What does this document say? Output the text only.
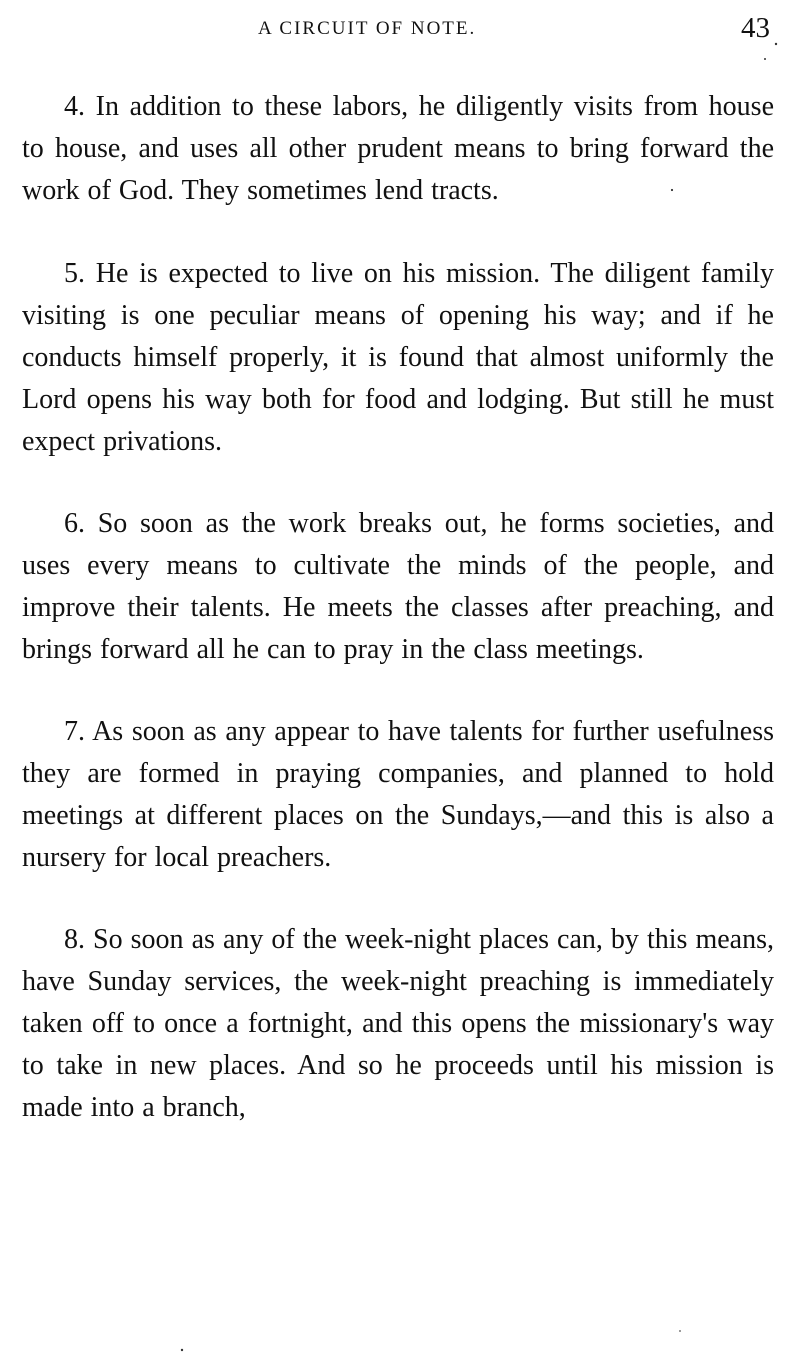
A CIRCUIT OF NOTE.	43

4. In addition to these labors, he diligently visits from house to house, and uses all other prudent means to bring forward the work of God. They sometimes lend tracts.

5. He is expected to live on his mission. The diligent family visiting is one peculiar means of opening his way; and if he conducts himself properly, it is found that almost uniformly the Lord opens his way both for food and lodging. But still he must expect privations.

6. So soon as the work breaks out, he forms societies, and uses every means to cultivate the minds of the people, and improve their talents. He meets the classes after preaching, and brings forward all he can to pray in the class meetings.

7. As soon as any appear to have talents for further usefulness they are formed in praying companies, and planned to hold meetings at different places on the Sundays,—and this is also a nursery for local preachers.

8. So soon as any of the week-night places can, by this means, have Sunday services, the week-night preaching is immediately taken off to once a fortnight, and this opens the missionary's way to take in new places. And so he proceeds until his mission is made into a branch,
